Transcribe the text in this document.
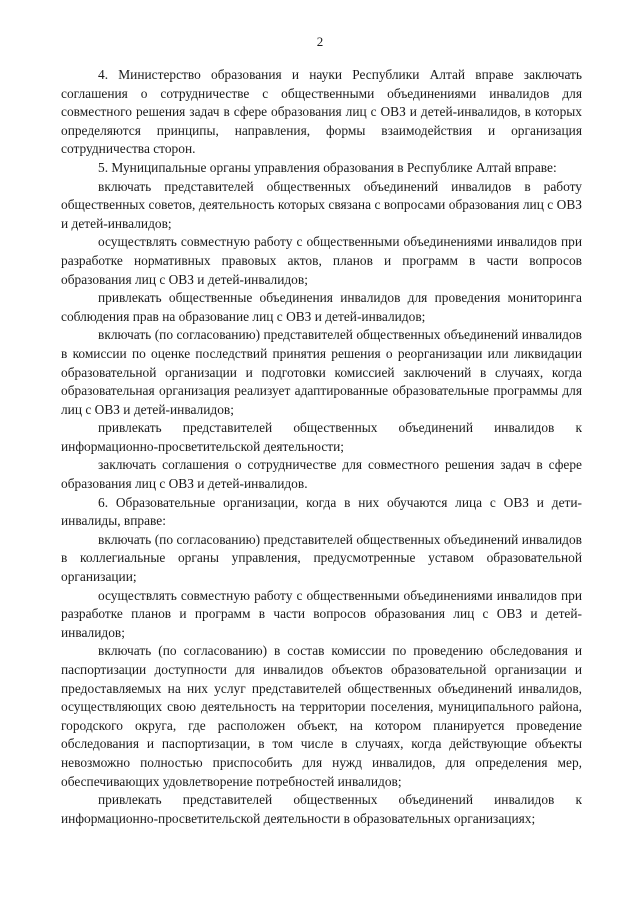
2

4. Министерство образования и науки Республики Алтай вправе заключать соглашения о сотрудничестве с общественными объединениями инвалидов для совместного решения задач в сфере образования лиц с ОВЗ и детей-инвалидов, в которых определяются принципы, направления, формы взаимодействия и организация сотрудничества сторон.

5. Муниципальные органы управления образования в Республике Алтай вправе:

включать представителей общественных объединений инвалидов в работу общественных советов, деятельность которых связана с вопросами образования лиц с ОВЗ и детей-инвалидов;

осуществлять совместную работу с общественными объединениями инвалидов при разработке нормативных правовых актов, планов и программ в части вопросов образования лиц с ОВЗ и детей-инвалидов;

привлекать общественные объединения инвалидов для проведения мониторинга соблюдения прав на образование лиц с ОВЗ и детей-инвалидов;

включать (по согласованию) представителей общественных объединений инвалидов в комиссии по оценке последствий принятия решения о реорганизации или ликвидации образовательной организации и подготовки комиссией заключений в случаях, когда образовательная организация реализует адаптированные образовательные программы для лиц с ОВЗ и детей-инвалидов;

привлекать представителей общественных объединений инвалидов к информационно-просветительской деятельности;

заключать соглашения о сотрудничестве для совместного решения задач в сфере образования лиц с ОВЗ и детей-инвалидов.

6. Образовательные организации, когда в них обучаются лица с ОВЗ и дети-инвалиды, вправе:

включать (по согласованию) представителей общественных объединений инвалидов в коллегиальные органы управления, предусмотренные уставом образовательной организации;

осуществлять совместную работу с общественными объединениями инвалидов при разработке планов и программ в части вопросов образования лиц с ОВЗ и детей-инвалидов;

включать (по согласованию) в состав комиссии по проведению обследования и паспортизации доступности для инвалидов объектов образовательной организации и предоставляемых на них услуг представителей общественных объединений инвалидов, осуществляющих свою деятельность на территории поселения, муниципального района, городского округа, где расположен объект, на котором планируется проведение обследования и паспортизации, в том числе в случаях, когда действующие объекты невозможно полностью приспособить для нужд инвалидов, для определения мер, обеспечивающих удовлетворение потребностей инвалидов;

привлекать представителей общественных объединений инвалидов к информационно-просветительской деятельности в образовательных организациях;
